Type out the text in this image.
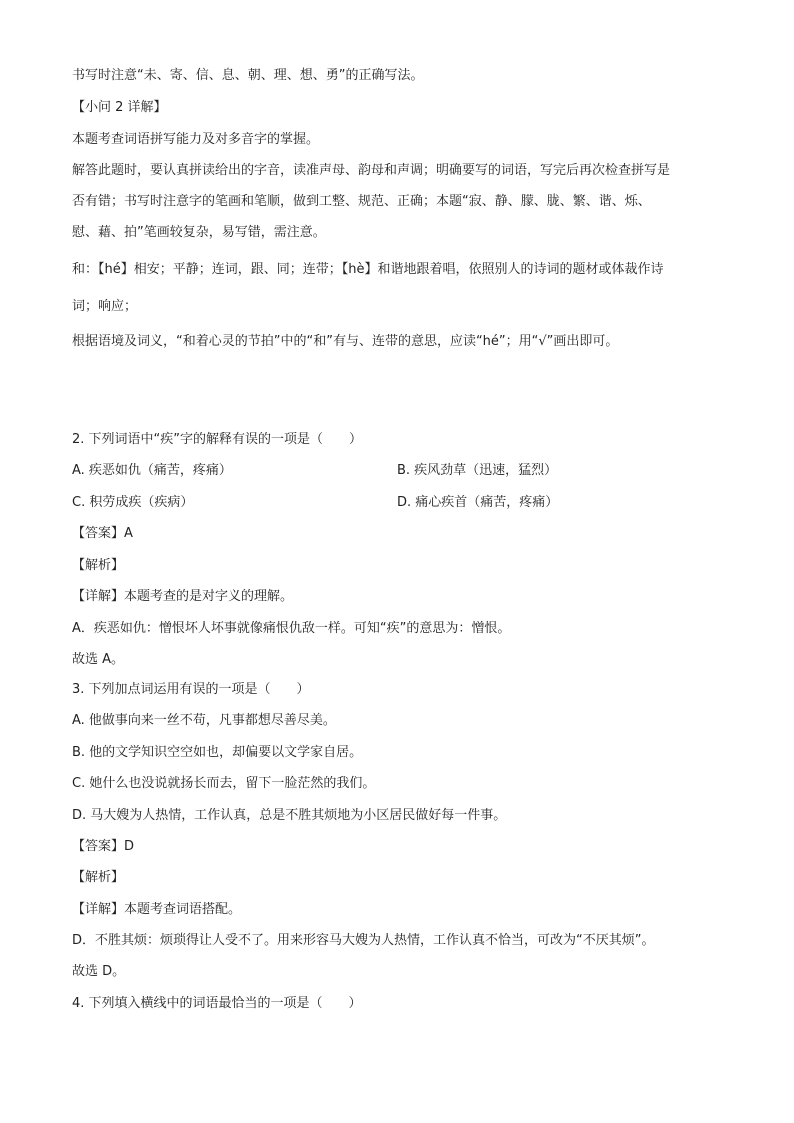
书写时注意“未、寄、信、息、朝、理、想、勇”的正确写法。
【小问 2 详解】
本题考查词语拼写能力及对多音字的掌握。
解答此题时，要认真拼读给出的字音，读准声母、韵母和声调；明确要写的词语，写完后再次检查拼写是
否有错；书写时注意字的笔画和笔顺，做到工整、规范、正确；本题“寂、静、朦、胧、繁、谐、烁、
慰、藉、拍”笔画较复杂，易写错，需注意。
和：【hé】相安；平静；连词，跟、同；连带；【hè】和谐地跟着唱，依照别人的诗词的题材或体裁作诗
词；响应；
根据语境及词义，“和着心灵的节拍”中的“和”有与、连带的意思，应读“hé”；用“√”画出即可。
2. 下列词语中“疾”字的解释有误的一项是（　　）
A. 疾恶如仇（痛苦，疼痛）	B. 疾风劲草（迅速，猛烈）
C. 积劳成疾（疾病）	D. 痛心疾首（痛苦，疼痛）
【答案】A
【解析】
【详解】本题考查的是对字义的理解。
A．疾恶如仇：憎恨坏人坏事就像痛恨仇敌一样。可知“疾”的意思为：憎恨。
故选 A。
3. 下列加点词运用有误的一项是（　　）
A. 他做事向来一丝不苟，凡事都想尽善尽美。
B. 他的文学知识空空如也，却偏要以文学家自居。
C. 她什么也没说就扬长而去，留下一脸茫然的我们。
D. 马大嫂为人热情，工作认真，总是不胜其烦地为小区居民做好每一件事。
【答案】D
【解析】
【详解】本题考查词语搭配。
D．不胜其烦：烦琐得让人受不了。用来形容马大嫂为人热情，工作认真不恰当，可改为“不厌其烦”。
故选 D。
4. 下列填入横线中的词语最恰当的一项是（　　）
